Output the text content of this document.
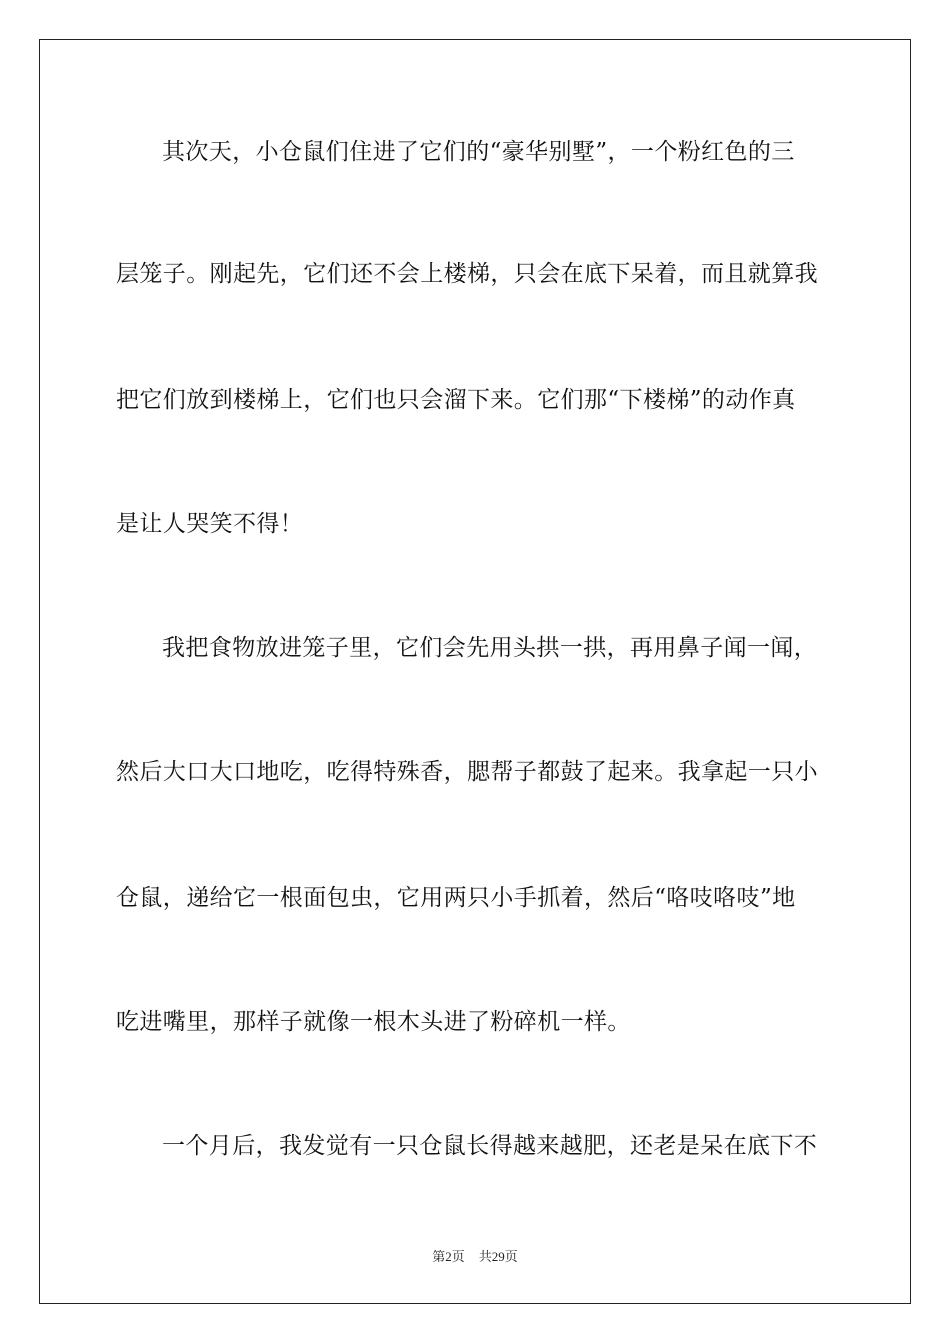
其次天，小仓鼠们住进了它们的“豪华别墅”，一个粉红色的三
层笼子。刚起先，它们还不会上楼梯，只会在底下呆着，而且就算我
把它们放到楼梯上，它们也只会溜下来。它们那“下楼梯”的动作真
是让人哭笑不得！
我把食物放进笼子里，它们会先用头拱一拱，再用鼻子闻一闻，
然后大口大口地吃，吃得特殊香，腮帮子都鼓了起来。我拿起一只小
仓鼠，递给它一根面包虫，它用两只小手抓着，然后“咯吱咯吱”地
吃进嘴里，那样子就像一根木头进了粉碎机一样。
一个月后，我发觉有一只仓鼠长得越来越肥，还老是呆在底下不
第2页 共29页
